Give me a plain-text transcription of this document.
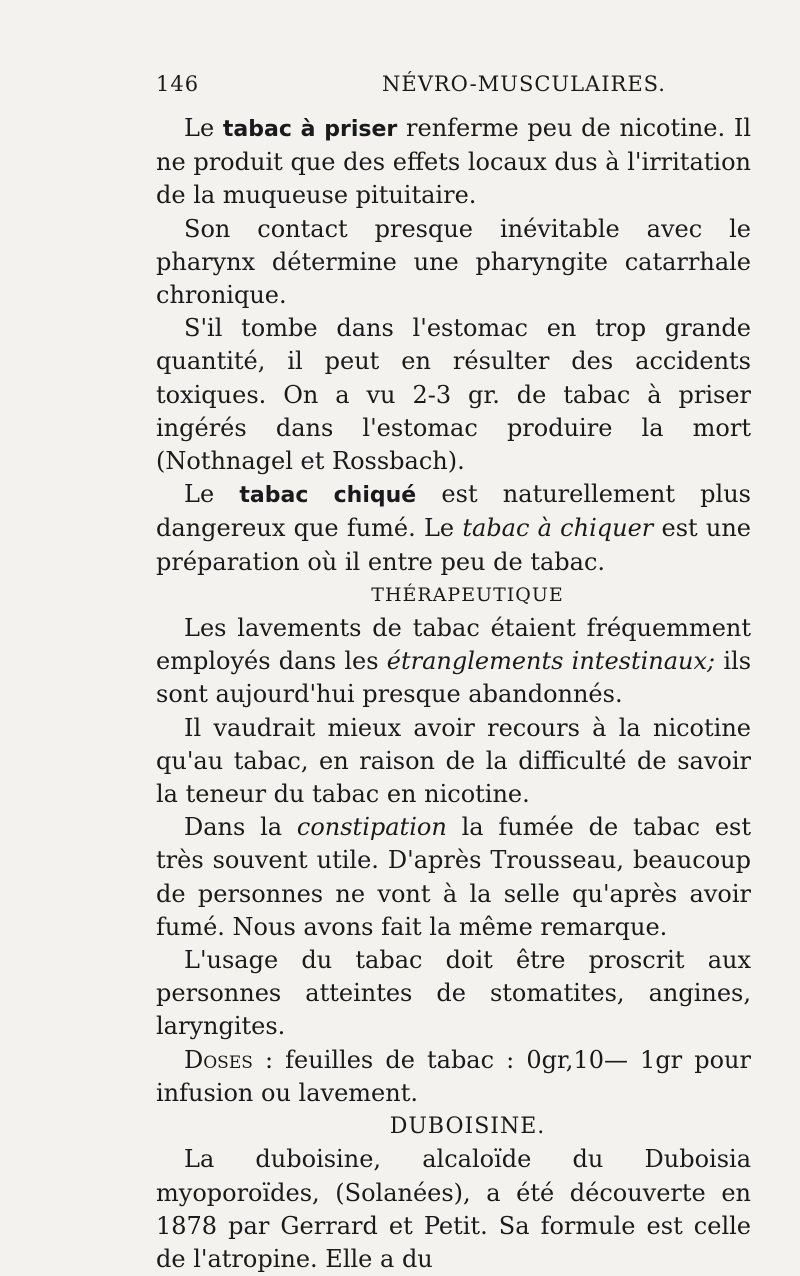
146	NÉVRO-MUSCULAIRES.

Le tabac à priser renferme peu de nicotine. Il ne produit que des effets locaux dus à l'irritation de la muqueuse pituitaire.

Son contact presque inévitable avec le pharynx détermine une pharyngite catarrhale chronique.

S'il tombe dans l'estomac en trop grande quantité, il peut en résulter des accidents toxiques. On a vu 2-3 gr. de tabac à priser ingérés dans l'estomac produire la mort (Nothnagel et Rossbach).

Le tabac chiqué est naturellement plus dangereux que fumé. Le tabac à chiquer est une préparation où il entre peu de tabac.

THÉRAPEUTIQUE

Les lavements de tabac étaient fréquemment employés dans les étranglements intestinaux; ils sont aujourd'hui presque abandonnés.

Il vaudrait mieux avoir recours à la nicotine qu'au tabac, en raison de la difficulté de savoir la teneur du tabac en nicotine.

Dans la constipation la fumée de tabac est très souvent utile. D'après Trousseau, beaucoup de personnes ne vont à la selle qu'après avoir fumé. Nous avons fait la même remarque.

L'usage du tabac doit être proscrit aux personnes atteintes de stomatites, angines, laryngites.

Doses : feuilles de tabac : 0gr,10— 1gr pour infusion ou lavement.

DUBOISINE.

La duboisine, alcaloïde du Duboisia myoporoïdes, (Solanées), a été découverte en 1878 par Gerrard et Petit. Sa formule est celle de l'atropine. Elle a du
